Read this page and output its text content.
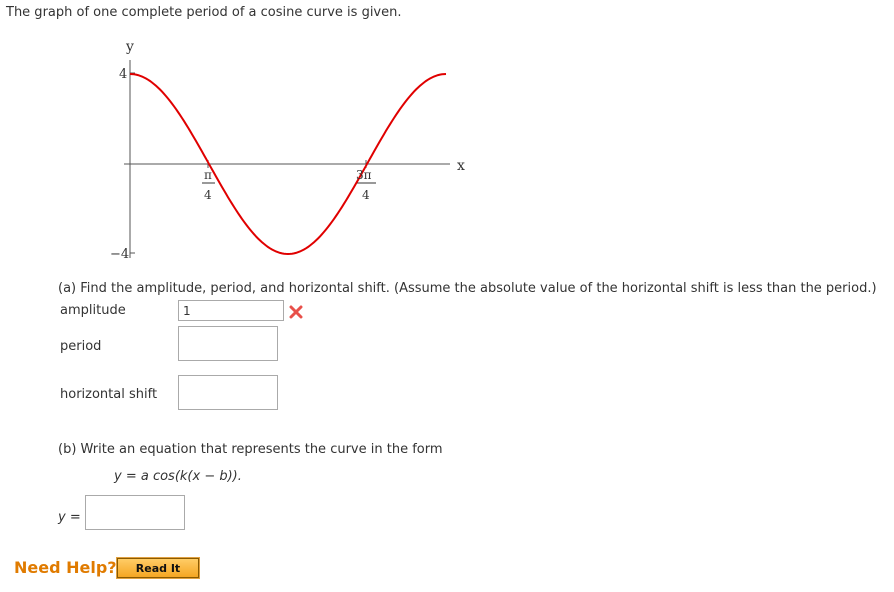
The graph of one complete period of a cosine curve is given.
y
x
4
−4
π
4
3π
4
(a) Find the amplitude, period, and horizontal shift. (Assume the absolute value of the horizontal shift is less than the period.)
amplitude
1
period
horizontal shift
(b) Write an equation that represents the curve in the form
y = a cos(k(x − b)).
y =
Need Help?	Read It
